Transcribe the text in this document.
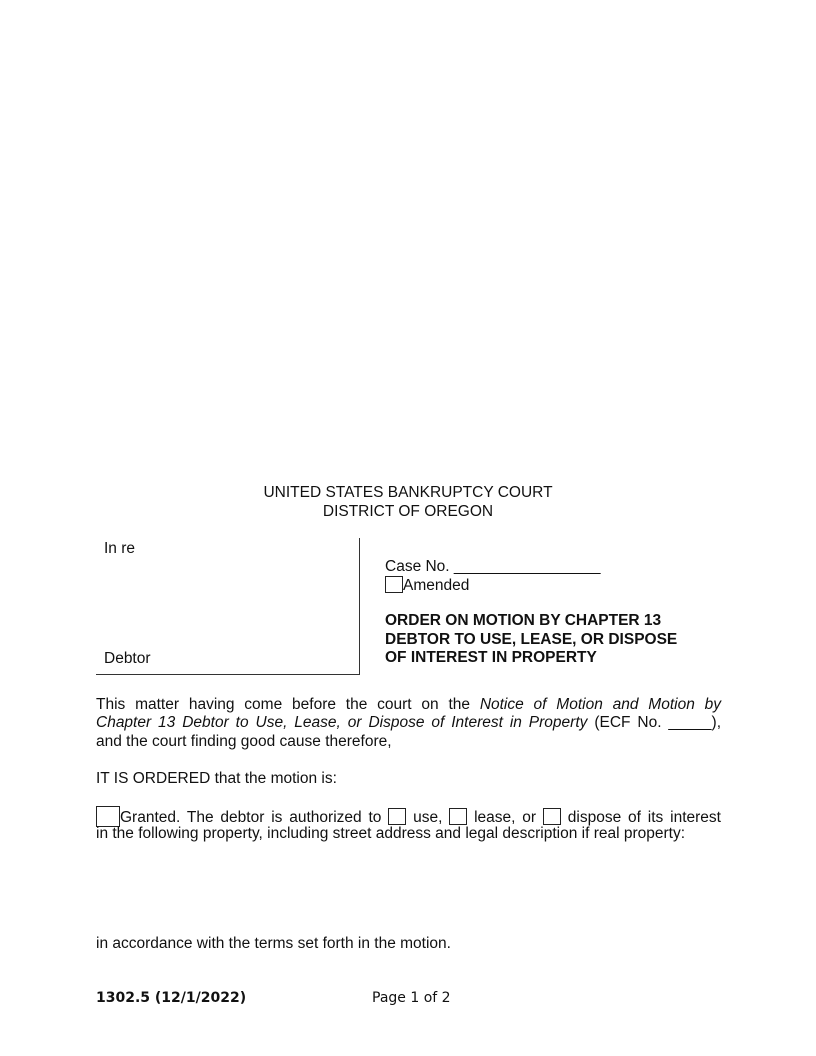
UNITED STATES BANKRUPTCY COURT
DISTRICT OF OREGON
In re
Debtor
Case No. _________________
Amended
ORDER ON MOTION BY CHAPTER 13
DEBTOR TO USE, LEASE, OR DISPOSE
OF INTEREST IN PROPERTY
This matter having come before the court on the Notice of Motion and Motion by
Chapter 13 Debtor to Use, Lease, or Dispose of Interest in Property (ECF No. _____),
and the court finding good cause therefore,
IT IS ORDERED that the motion is:
Granted. The debtor is authorized to use, lease, or dispose of its interest
in the following property, including street address and legal description if real property:
in accordance with the terms set forth in the motion.
1302.5 (12/1/2022)	Page 1 of 2
